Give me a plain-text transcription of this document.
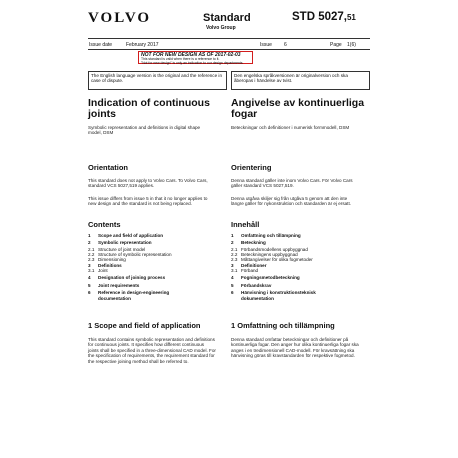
VOLVO	Standard
Volvo Group
STD 5027,51
Issue date	February 2017	Issue 6	Page 1(6)
NOT FOR NEW DESIGN AS OF 2017-02-03
This standard is valid when there is a reference to it.
"Not for new design" is only an indication to our design departments.
The English language version is the original and the reference in case of dispute.
Den engelska språkversionen är originalversion och ska åberopas i händelse av tvist.
Indication of continuous joints
Angivelse av kontinuerliga fogar
Symbolic representation and definitions in digital shape model, DSM
Beteckningar och definitioner i numerisk formmodell, DSM
Orientation	Orientering
This standard does not apply to Volvo Cars. To Volvo Cars, standard VCS 5027,519 applies.
Denna standard gäller inte inom Volvo Cars. För Volvo Cars gäller standard VCS 5027,519.
This issue differs from issue 5 in that it no longer applies to new design and the standard is not being replaced.
Denna utgåva skiljer sig från utgåva 5 genom att den inte längre gäller för nykonstruktion och standarden är ej ersatt.
Contents	Innehåll
1 Scope and field of application
2 Symbolic representation
2.1 Structure of joint model
2.2 Structure of symbolic representation
2.3 Dimensioning
3 Definitions
3.1 Joint
4 Designation of joining process
5 Joint requirements
6 Reference in design-engineering
documentation
1 Omfattning och tillämpning
2 Beteckning
2.1 Förbandsmodellens uppbyggnad
2.2 Beteckningens uppbyggnad
2.3 Måttangivelser för olika fogmetoder
3 Definitioner
3.1 Förband
4 Fogningsmetodbeteckning
5 Förbandskrav
6 Hänvisning i konstruktionsteknisk
dokumentation
1 Scope and field of application	1 Omfattning och tillämpning
This standard contains symbolic representation and definitions for continuous joints. It specifies how different continuous joints shall be specified in a three-dimensional CAD model. For the specification of requirements, the requirement standard for the respective joining method shall be referred to.
Denna standard omfattar beteckningar och definitioner på kontinuerliga fogar. Den anger hur olika kontinuerliga fogar ska anges i en tredimensionell CAD-modell. För kravsättning ska hänvisning göras till kravstandarden för respektive fogmetod.
